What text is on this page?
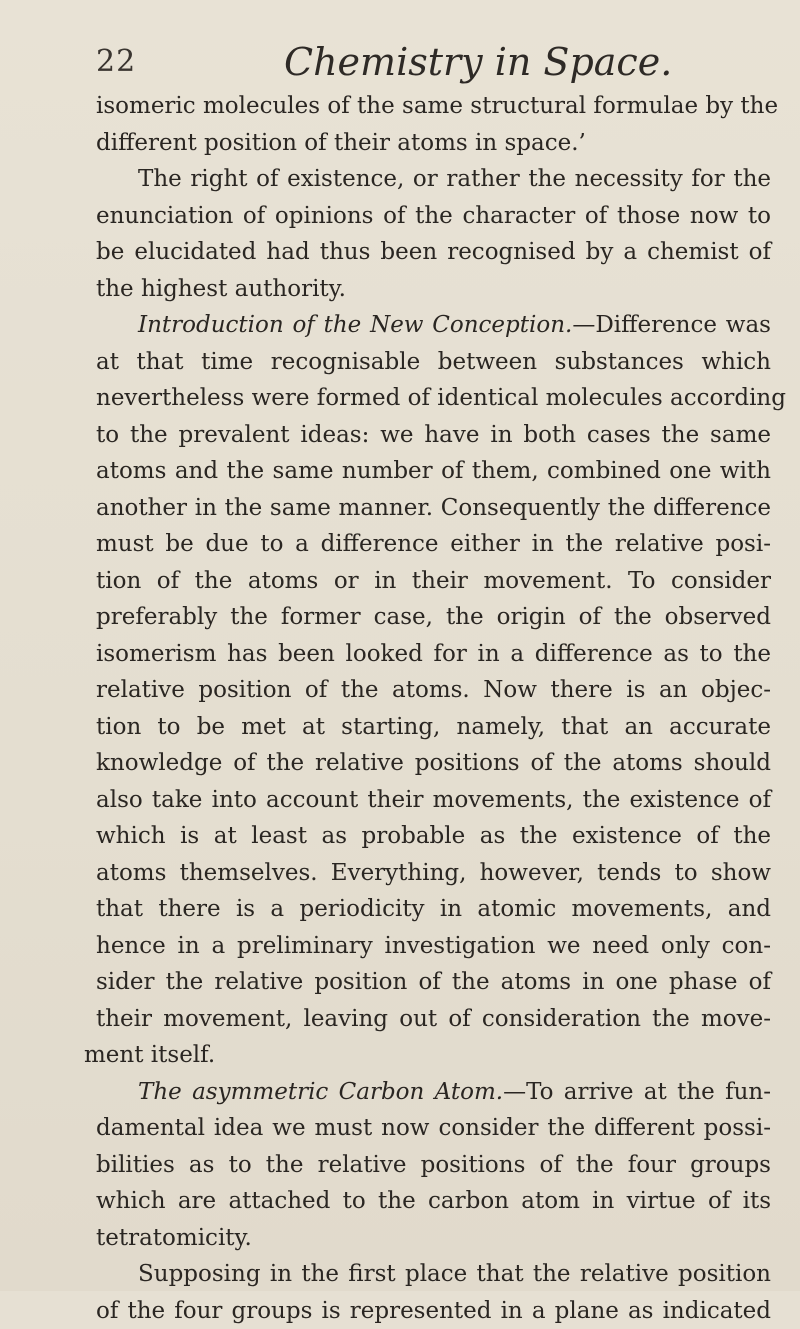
22	Chemistry in Space.
isomeric molecules of the same structural formulae by the
different position of their atoms in space.’
The right of existence, or rather the necessity for the
enunciation of opinions of the character of those now to
be elucidated had thus been recognised by a chemist of
the highest authority.
Introduction of the New Conception.—Difference was
at that time recognisable between substances which
nevertheless were formed of identical molecules according
to the prevalent ideas: we have in both cases the same
atoms and the same number of them, combined one with
another in the same manner. Consequently the difference
must be due to a difference either in the relative posi-
tion of the atoms or in their movement. To consider
preferably the former case, the origin of the observed
isomerism has been looked for in a difference as to the
relative position of the atoms. Now there is an objec-
tion to be met at starting, namely, that an accurate
knowledge of the relative positions of the atoms should
also take into account their movements, the existence of
which is at least as probable as the existence of the
atoms themselves. Everything, however, tends to show
that there is a periodicity in atomic movements, and
hence in a preliminary investigation we need only con-
sider the relative position of the atoms in one phase of
their movement, leaving out of consideration the move-
ment itself.
The asymmetric Carbon Atom.—To arrive at the fun-
damental idea we must now consider the different possi-
bilities as to the relative positions of the four groups
which are attached to the carbon atom in virtue of its
tetratomicity.
Supposing in the first place that the relative position
of the four groups is represented in a plane as indicated
